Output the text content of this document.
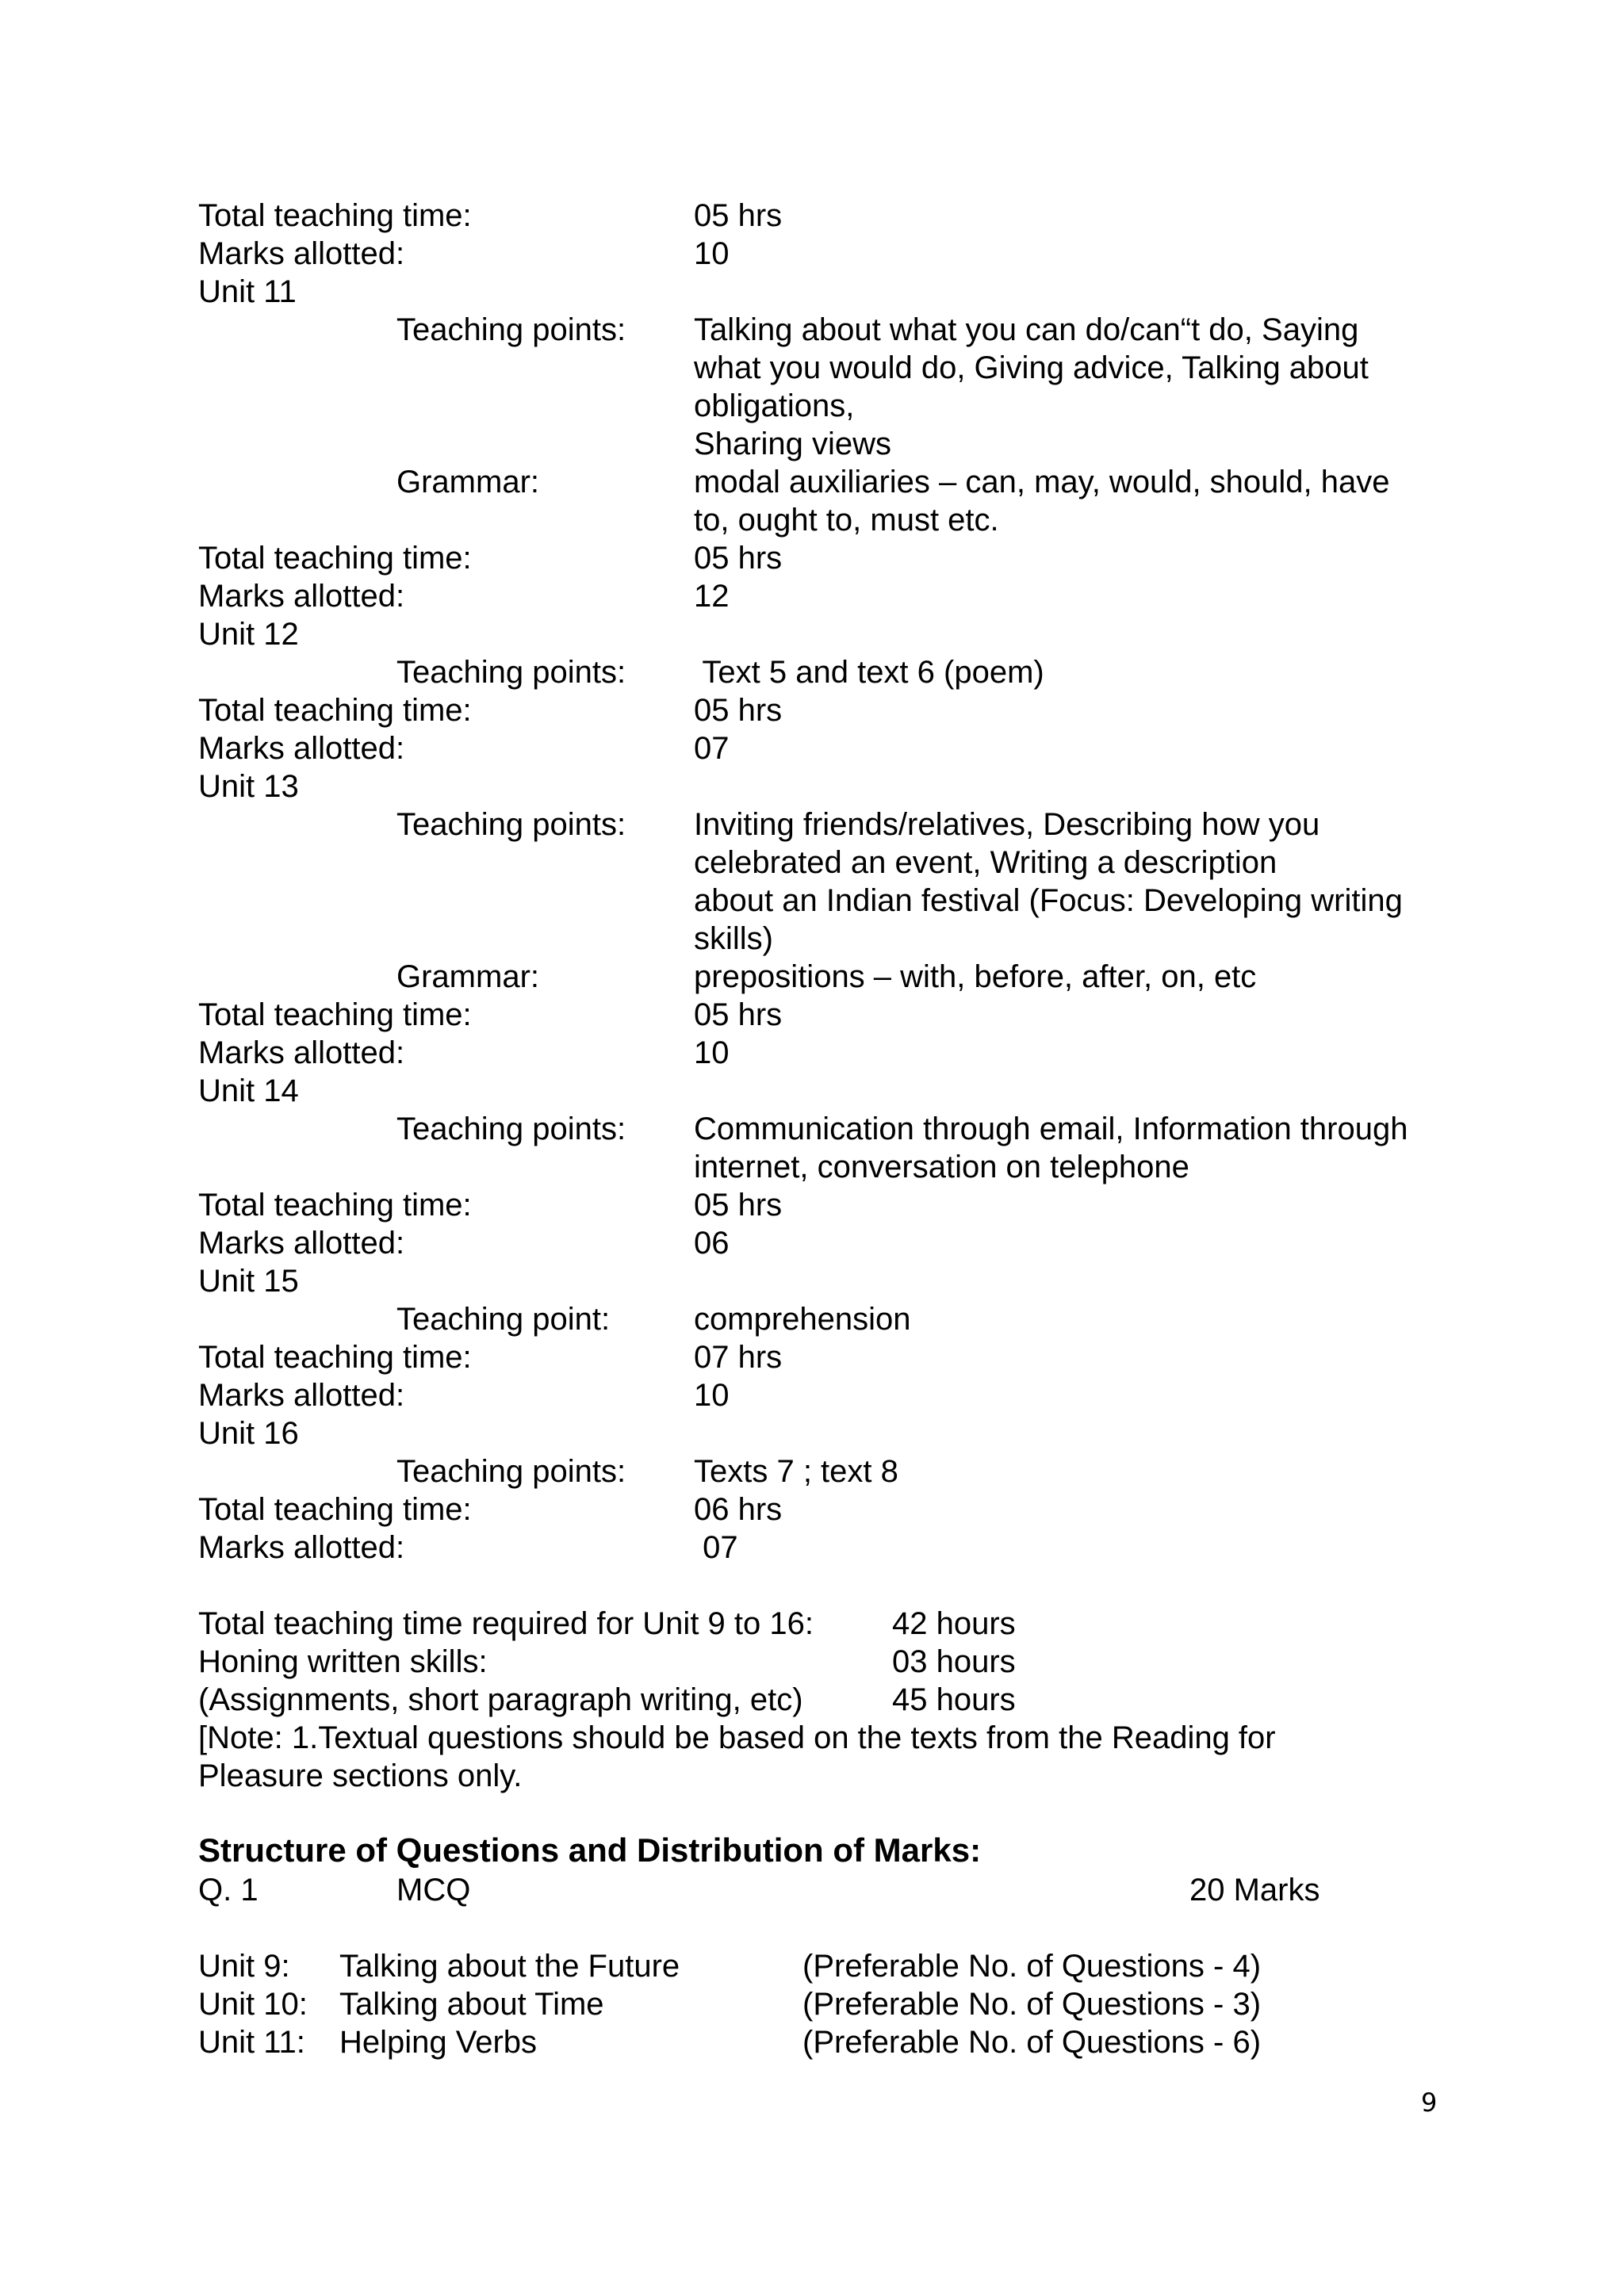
Total teaching time:	05 hrs
Marks allotted:	10
Unit 11
Teaching points: Talking about what you can do/can“t do, Saying
what you would do, Giving advice, Talking about
obligations,
Sharing views
Grammar:	modal auxiliaries – can, may, would, should, have
to, ought to, must etc.
Total teaching time:	05 hrs
Marks allotted:	12
Unit 12
Teaching points: Text 5 and text 6 (poem)
Total teaching time:	05 hrs
Marks allotted:	07
Unit 13
Teaching points: Inviting friends/relatives, Describing how you
celebrated an event, Writing a description
about an Indian festival (Focus: Developing writing
skills)
Grammar:	prepositions – with, before, after, on, etc
Total teaching time:	05 hrs
Marks allotted:	10
Unit 14
Teaching points: Communication through email, Information through
internet, conversation on telephone
Total teaching time:	05 hrs
Marks allotted:	06
Unit 15
Teaching point:	comprehension
Total teaching time:	07 hrs
Marks allotted:	10
Unit 16
Teaching points: Texts 7 ; text 8
Total teaching time:	06 hrs
Marks allotted:	07
Total teaching time required for Unit 9 to 16: 42 hours
Honing written skills:	03 hours
(Assignments, short paragraph writing, etc)	45 hours
[Note: 1.Textual questions should be based on the texts from the Reading for
Pleasure sections only.
Structure of Questions and Distribution of Marks:
Q. 1	MCQ	20 Marks
Unit 9: Talking about the Future	(Preferable No. of Questions - 4)
Unit 10: Talking about Time	(Preferable No. of Questions - 3)
Unit 11: Helping Verbs	(Preferable No. of Questions - 6)
9
